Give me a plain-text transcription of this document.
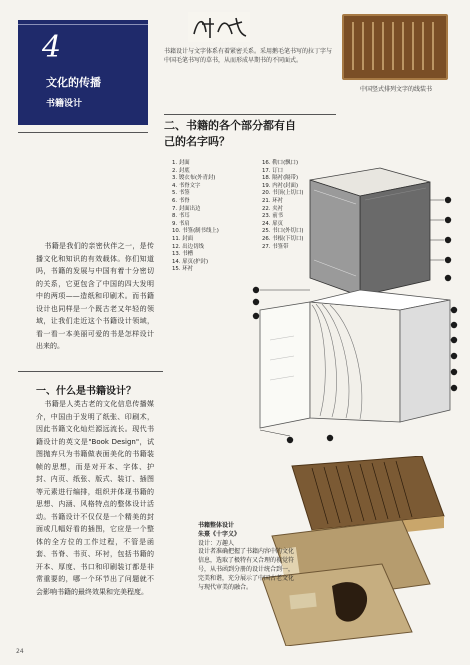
4
文化的传播
书籍设计
书籍设计与文字体系有着紧密关系。采用鹅毛笔书写的拉丁字与中国毛笔书写的草书，从而形成早期书的不同面式。
中国竖式排列文字的线装书
二、书籍的各个部分都有自
己的名字吗？
1. 封面
2. 封底
3. 镀衣布(外青封)
4. 书脊文字
5. 书签
6. 书脊
7. 封面出边
8. 书耳
9. 书肩
10. 书签(制书线上)
11. 封面
12. 出边切线
13. 书槽
14. 扉页(护封)
15. 环衬
16. 勒口(飘口)
17. 订口
18. 隔衬(隔带)
19. 内衬(封面)
20. 书顶(上切口)
21. 环衬
22. 夹衬
23. 前书
24. 扉页
25. 书口(外切口)
26. 书根(下切口)
27. 书签带
书籍是我们的亲密伙伴之一，是传播文化和知识的有效载体。你们知道吗，书籍的发展与中国有着十分密切的关系，它更包含了中国的四大发明中的两项——造纸和印刷术。而书籍设计也同样是一个既古老又年轻的领域，让我们走近这个书籍设计领域，看一看一本美丽可爱的书是怎样设计出来的。
一、什么是书籍设计？
书籍是人类古老的文化信息传播媒介，中国由于发明了纸张、印刷术，因此书籍文化灿烂源远流长。现代书籍设计的英文是"Book Design"，试图抛弃只为书籍做表面美化的书籍装帧的思想，而是对开本、字体、护封、内页、纸张、版式、装订、插图等元素进行编排，组织并体现书籍的思想、内涵、风格特点的整体设计活动。书籍设计不仅仅是一个精美的封面或几幅好看的插图，它应是一个整体的全方位的工作过程，不管是函套、书脊、书页、环衬，包括书籍的开本、厚度、书口和印刷装订都是非常重要的，哪一个环节出了问题就不会影响书籍的最终效果和完美程度。
书籍整体设计
朱熹《十字义》
设计：万趣人
设计者准确把握了书籍内容中的文化信息，选取了极特有又合理的视觉符号，从书函到分册的设计统合到一，完美和谐，充分展示了中国古老文化与现代审美的融合。
24
